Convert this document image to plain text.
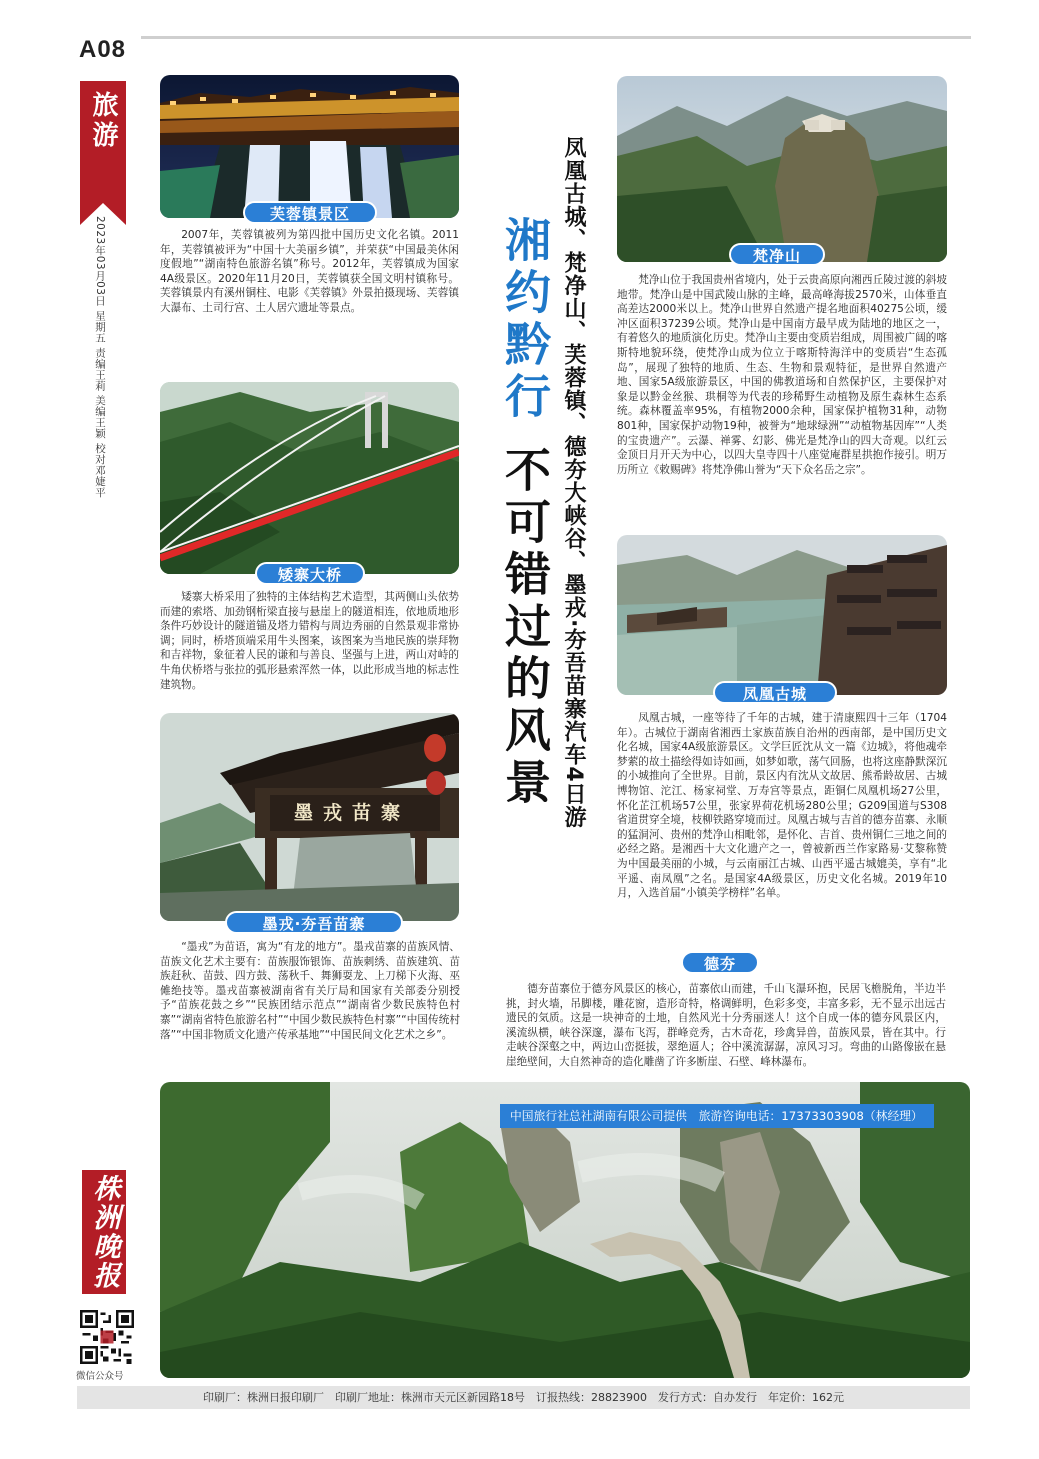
A08
旅游
2023年03月03日 星期五 责编王莉 美编王颖 校对邓婕平
芙蓉镇景区
2007年，芙蓉镇被列为第四批中国历史文化名镇。2011年，芙蓉镇被评为“中国十大美丽乡镇”，并荣获“中国最美休闲度假地”“湖南特色旅游名镇”称号。2012年，芙蓉镇成为国家4A级景区。2020年11月20日，芙蓉镇获全国文明村镇称号。芙蓉镇景内有溪州铜柱、电影《芙蓉镇》外景拍摄现场、芙蓉镇大瀑布、土司行宫、土人居穴遗址等景点。
矮寨大桥
矮寨大桥采用了独特的主体结构艺术造型，其两侧山头依势而建的索塔、加劲钢桁梁直接与悬崖上的隧道相连，依地质地形条件巧妙设计的隧道锚及塔力错构与周边秀丽的自然景观非常协调；同时，桥塔顶端采用牛头图案，该图案为当地民族的崇拜物和吉祥物，象征着人民的谦和与善良、坚强与上进，两山对峙的牛角伏桥塔与张拉的弧形悬索浑然一体，以此形成当地的标志性建筑物。
墨戎苗寨
墨戎·夯吾苗寨
“墨戎”为苗语，寓为“有龙的地方”。墨戎苗寨的苗族风情、苗族文化艺术主要有：苗族服饰银饰、苗族刺绣、苗族建筑、苗族赶秋、苗鼓、四方鼓、荡秋千、舞狮耍龙、上刀梯下火海、巫傩绝技等。墨戎苗寨被湖南省有关厅局和国家有关部委分别授予“苗族花鼓之乡”“民族团结示范点”“湖南省少数民族特色村寨”“湖南省特色旅游名村”“中国少数民族特色村寨”“中国传统村落”“中国非物质文化遗产传承基地”“中国民间文化艺术之乡”。
湘约黔行 不可错过的风景 凤凰古城、梵净山、芙蓉镇、德夯大峡谷、墨戎·夯吾苗寨汽车4日游	梵净山
梵净山位于我国贵州省境内，处于云贵高原向湘西丘陵过渡的斜坡地带。梵净山是中国武陵山脉的主峰，最高峰海拔2570米，山体垂直高差达2000米以上。梵净山世界自然遗产提名地面积40275公顷，缓冲区面积37239公顷。梵净山是中国南方最早成为陆地的地区之一，有着悠久的地质演化历史。梵净山主要由变质岩组成，周围被广阔的喀斯特地貌环绕，使梵净山成为位立于喀斯特海洋中的变质岩“生态孤岛”，展现了独特的地质、生态、生物和景观特征，是世界自然遗产地、国家5A级旅游景区，中国的佛教道场和自然保护区，主要保护对象是以黔金丝猴、珙桐等为代表的珍稀野生动植物及原生森林生态系统。森林覆盖率95%，有植物2000余种，国家保护植物31种，动物801种，国家保护动物19种，被誉为“地球绿洲”“动植物基因库”“人类的宝贵遗产”。云瀑、禅雾、幻影、佛光是梵净山的四大奇观。以红云金顶日月开天为中心，以四大皇寺四十八座觉庵群星拱抱作接引。明万历所立《敕赐碑》将梵净佛山誉为“天下众名岳之宗”。
凤凰古城
凤凰古城，一座等待了千年的古城，建于清康熙四十三年（1704年）。古城位于湖南省湘西土家族苗族自治州的西南部，是中国历史文化名城，国家4A级旅游景区。文学巨匠沈从文一篇《边城》，将他魂牵梦萦的故土描绘得如诗如画，如梦如歌，荡气回肠，也将这座静默深沉的小城推向了全世界。目前，景区内有沈从文故居、熊希龄故居、古城博物馆、沱江、杨家祠堂、万寿宫等景点，距铜仁凤凰机场27公里，怀化芷江机场57公里，张家界荷花机场280公里；G209国道与S308省道贯穿全境，枝柳铁路穿境而过。凤凰古城与吉首的德夯苗寨、永顺的猛洞河、贵州的梵净山相毗邻，是怀化、吉首、贵州铜仁三地之间的必经之路。是湘西十大文化遗产之一，曾被新西兰作家路易·艾黎称赞为中国最美丽的小城，与云南丽江古城、山西平遥古城媲美，享有“北平遥、南凤凰”之名。是国家4A级景区，历史文化名城。2019年10月，入选首届“小镇美学榜样”名单。
德夯
德夯苗寨位于德夯风景区的核心，苗寨依山而建，千山飞瀑环抱，民居飞檐脱角，半边半挑，封火墙，吊脚楼，雕花窗，造形奇特，格调鲜明，色彩多变，丰富多彩，无不显示出远古遗民的気质。这是一块神奇的土地，自然风光十分秀丽迷人！这个自成一体的德夯风景区内，溪流纵横，峡谷深邃，瀑布飞泻，群峰竞秀，古木奇花，珍禽异兽，苗族风景，皆在其中。行走峡谷深壑之中，两边山峦挺拔，翠绝逼人；谷中溪流潺潺，凉风习习。弯曲的山路像嵌在悬崖绝壁间，大自然神奇的造化雕凿了许多断崖、石壁、峰林瀑布。
中国旅行社总社湖南有限公司提供 旅游咨询电话：17373303908（林经理）
株洲晚报
微信公众号
印刷厂：株洲日报印刷厂　印刷厂地址：株洲市天元区新园路18号　订报热线：28823900　发行方式：自办发行　年定价：162元
